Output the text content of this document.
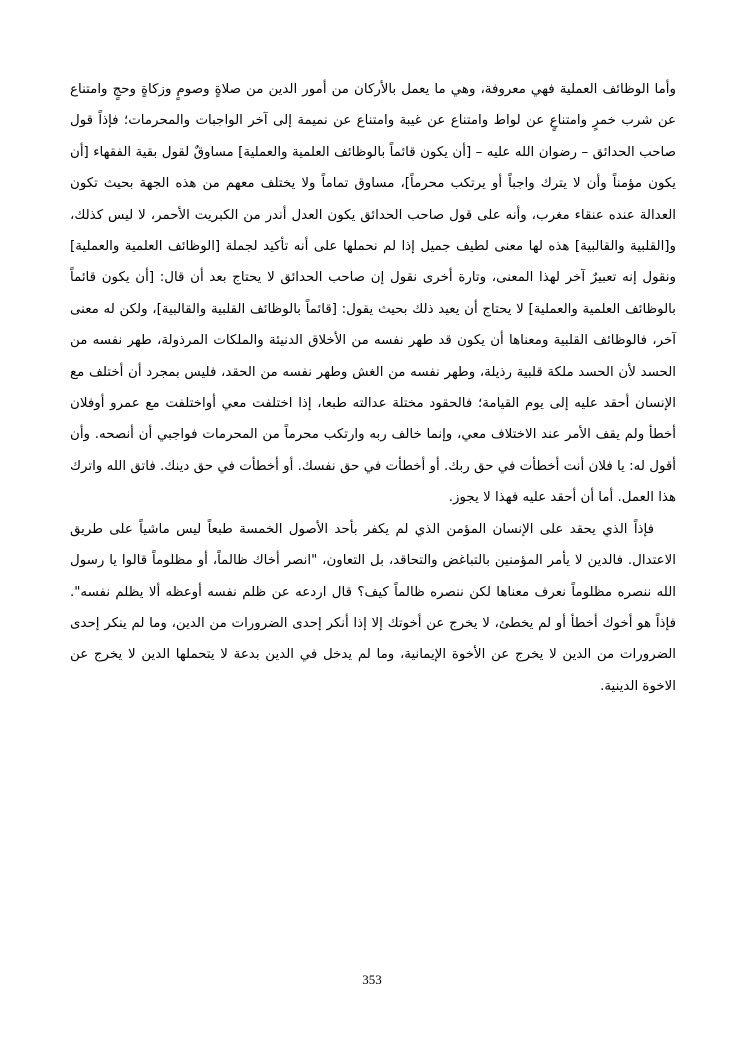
وأما الوظائف العملية فهي معروفة، وهي ما يعمل بالأركان من أمور الدين من صلاةٍ وصومٍ وزكاةٍ وحجٍ وامتناع عن شرب خمرٍ وامتناعٍ عن لواط وامتناع عن غيبة وامتناع عن نميمة إلى آخر الواجبات والمحرمات؛ فإذاً قول صاحب الحدائق – رضوان الله عليه – [أن يكون قائماً بالوظائف العلمية والعملية] مساوقٌ لقول بقية الفقهاء [أن يكون مؤمناً وأن لا يترك واجباً أو يرتكب محرماً]، مساوق تماماً ولا يختلف معهم من هذه الجهة بحيث تكون العدالة عنده عنقاء مغرب، وأنه على قول صاحب الحدائق يكون العدل أندر من الكبريت الأحمر، لا ليس كذلك، و[القلبية والقالبية] هذه لها معنى لطيف جميل إذا لم نحملها على أنه تأكيد لجملة [الوظائف العلمية والعملية] ونقول إنه تعبيرٌ آخر لهذا المعنى، وتارة أخرى نقول إن صاحب الحدائق لا يحتاج بعد أن قال: [أن يكون قائماً بالوظائف العلمية والعملية] لا يحتاج أن يعيد ذلك بحيث يقول: [قائماً بالوظائف القلبية والقالبية]، ولكن له معنى آخر، فالوظائف القلبية ومعناها أن يكون قد طهر نفسه من الأخلاق الدنيئة والملكات المرذولة، طهر نفسه من الحسد لأن الحسد ملكة قلبية رذيلة، وطهر نفسه من الغش وطهر نفسه من الحقد، فليس بمجرد أن أختلف مع الإنسان أحقد عليه إلى يوم القيامة؛ فالحقود مختلة عدالته طبعا، إذا اختلفت معي أواختلفت مع عمرو أوفلان أخطأ ولم يقف الأمر عند الاختلاف معي، وإنما خالف ربه وارتكب محرماً من المحرمات فواجبي أن أنصحه. وأن أقول له: يا فلان أنت أخطأت في حق ربك. أو أخطأت في حق نفسك. أو أخطأت في حق دينك. فاتق الله واترك هذا العمل. أما أن أحقد عليه فهذا لا يجوز.

فإذاً الذي يحقد على الإنسان المؤمن الذي لم يكفر بأحد الأصول الخمسة طبعاً ليس ماشياً على طريق الاعتدال. فالدين لا يأمر المؤمنين بالتباغض والتحاقد، بل التعاون، "انصر أخاك ظالماً، أو مظلوماً قالوا يا رسول الله ننصره مظلوماً نعرف معناها لكن ننصره ظالماً كيف؟ قال اردعه عن ظلم نفسه أوعظه ألا يظلم نفسه". فإذاً هو أخوك أخطأ أو لم يخطئ، لا يخرج عن أخوتك إلا إذا أنكر إحدى الضرورات من الدين، وما لم ينكر إحدى الضرورات من الدين لا يخرج عن الأخوة الإيمانية، وما لم يدخل في الدين بدعة لا يتحملها الدين لا يخرج عن الاخوة الدينية.

353
